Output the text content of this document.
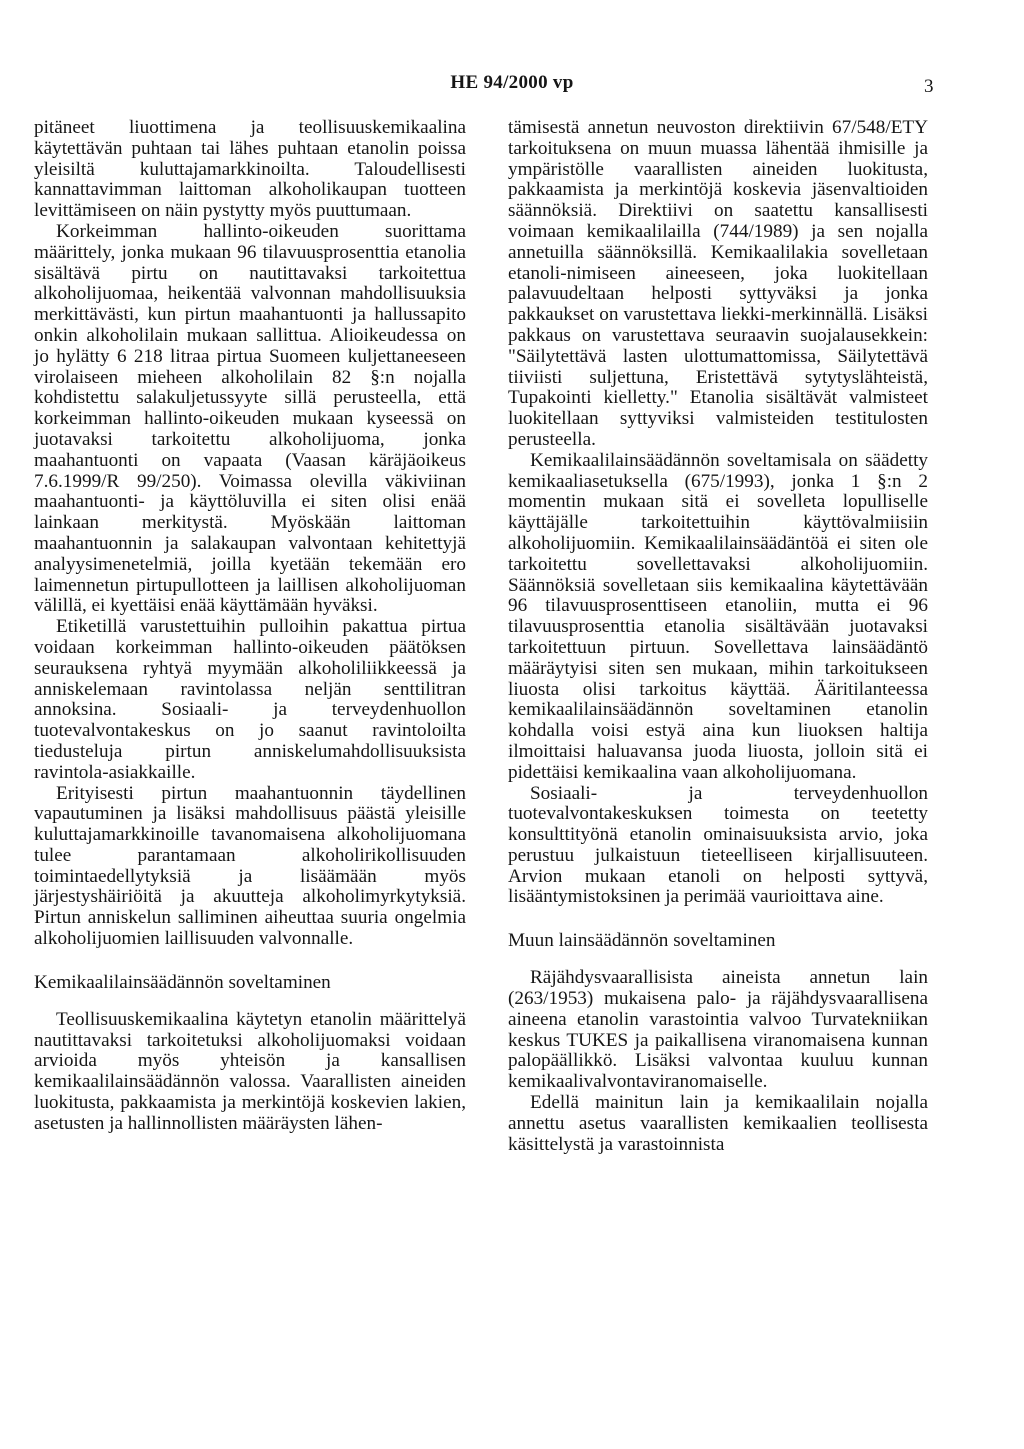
HE 94/2000 vp	3

pitäneet liuottimena ja teollisuuskemikaalina käytettävän puhtaan tai lähes puhtaan etanolin poissa yleisiltä kuluttajamarkkinoilta. Taloudellisesti kannattavimman laittoman alkoholikaupan tuotteen levittämiseen on näin pystytty myös puuttumaan.

Korkeimman hallinto-oikeuden suorittama määrittely, jonka mukaan 96 tilavuusprosenttia etanolia sisältävä pirtu on nautittavaksi tarkoitettua alkoholijuomaa, heikentää valvonnan mahdollisuuksia merkittävästi, kun pirtun maahantuonti ja hallussapito onkin alkoholilain mukaan sallittua. Alioikeudessa on jo hylätty 6 218 litraa pirtua Suomeen kuljettaneeseen virolaiseen mieheen alkoholilain 82 §:n nojalla kohdistettu salakuljetussyyte sillä perusteella, että korkeimman hallinto-oikeuden mukaan kyseessä on juotavaksi tarkoitettu alkoholijuoma, jonka maahantuonti on vapaata (Vaasan käräjäoikeus 7.6.1999/R 99/250). Voimassa olevilla väkiviinan maahantuonti- ja käyttöluvilla ei siten olisi enää lainkaan merkitystä. Myöskään laittoman maahantuonnin ja salakaupan valvontaan kehitettyjä analyysimenetelmiä, joilla kyetään tekemään ero laimennetun pirtupullotteen ja laillisen alkoholijuoman välillä, ei kyettäisi enää käyttämään hyväksi.

Etiketillä varustettuihin pulloihin pakattua pirtua voidaan korkeimman hallinto-oikeuden päätöksen seurauksena ryhtyä myymään alkoholiliikkeessä ja anniskelemaan ravintolassa neljän senttilitran annoksina. Sosiaali- ja terveydenhuollon tuotevalvontakeskus on jo saanut ravintoloilta tiedusteluja pirtun anniskelumahdollisuuksista ravintola-asiakkaille.

Erityisesti pirtun maahantuonnin täydellinen vapautuminen ja lisäksi mahdollisuus päästä yleisille kuluttajamarkkinoille tavanomaisena alkoholijuomana tulee parantamaan alkoholirikollisuuden toimintaedellytyksiä ja lisäämään myös järjestyshäiriöitä ja akuutteja alkoholimyrkytyksiä. Pirtun anniskelun salliminen aiheuttaa suuria ongelmia alkoholijuomien laillisuuden valvonnalle.

Kemikaalilainsäädännön soveltaminen

Teollisuuskemikaalina käytetyn etanolin määrittelyä nautittavaksi tarkoitetuksi alkoholijuomaksi voidaan arvioida myös yhteisön ja kansallisen kemikaalilainsäädännön valossa. Vaarallisten aineiden luokitusta, pakkaamista ja merkintöjä koskevien lakien, asetusten ja hallinnollisten määräysten lähen-

tämisestä annetun neuvoston direktiivin 67/548/ETY tarkoituksena on muun muassa lähentää ihmisille ja ympäristölle vaarallisten aineiden luokitusta, pakkaamista ja merkintöjä koskevia jäsenvaltioiden säännöksiä. Direktiivi on saatettu kansallisesti voimaan kemikaalilailla (744/1989) ja sen nojalla annetuilla säännöksillä. Kemikaalilakia sovelletaan etanoli-nimiseen aineeseen, joka luokitellaan palavuudeltaan helposti syttyväksi ja jonka pakkaukset on varustettava liekki-merkinnällä. Lisäksi pakkaus on varustettava seuraavin suojalausekkein: "Säilytettävä lasten ulottumattomissa, Säilytettävä tiiviisti suljettuna, Eristettävä sytytyslähteistä, Tupakointi kielletty." Etanolia sisältävät valmisteet luokitellaan syttyviksi valmisteiden testitulosten perusteella.

Kemikaalilainsäädännön soveltamisala on säädetty kemikaaliasetuksella (675/1993), jonka 1 §:n 2 momentin mukaan sitä ei sovelleta lopulliselle käyttäjälle tarkoitettuihin käyttövalmiisiin alkoholijuomiin. Kemikaalilainsäädäntöä ei siten ole tarkoitettu sovellettavaksi alkoholijuomiin. Säännöksiä sovelletaan siis kemikaalina käytettävään 96 tilavuusprosenttiseen etanoliin, mutta ei 96 tilavuusprosenttia etanolia sisältävään juotavaksi tarkoitettuun pirtuun. Sovellettava lainsäädäntö määräytyisi siten sen mukaan, mihin tarkoitukseen liuosta olisi tarkoitus käyttää. Ääritilanteessa kemikaalilainsäädännön soveltaminen etanolin kohdalla voisi estyä aina kun liuoksen haltija ilmoittaisi haluavansa juoda liuosta, jolloin sitä ei pidettäisi kemikaalina vaan alkoholijuomana.

Sosiaali- ja terveydenhuollon tuotevalvontakeskuksen toimesta on teetetty konsulttityönä etanolin ominaisuuksista arvio, joka perustuu julkaistuun tieteelliseen kirjallisuuteen. Arvion mukaan etanoli on helposti syttyvä, lisääntymistoksinen ja perimää vaurioittava aine.

Muun lainsäädännön soveltaminen

Räjähdysvaarallisista aineista annetun lain (263/1953) mukaisena palo- ja räjähdysvaarallisena aineena etanolin varastointia valvoo Turvatekniikan keskus TUKES ja paikallisena viranomaisena kunnan palopäällikkö. Lisäksi valvontaa kuuluu kunnan kemikaalivalvontaviranomaiselle.

Edellä mainitun lain ja kemikaalilain nojalla annettu asetus vaarallisten kemikaalien teollisesta käsittelystä ja varastoinnista
